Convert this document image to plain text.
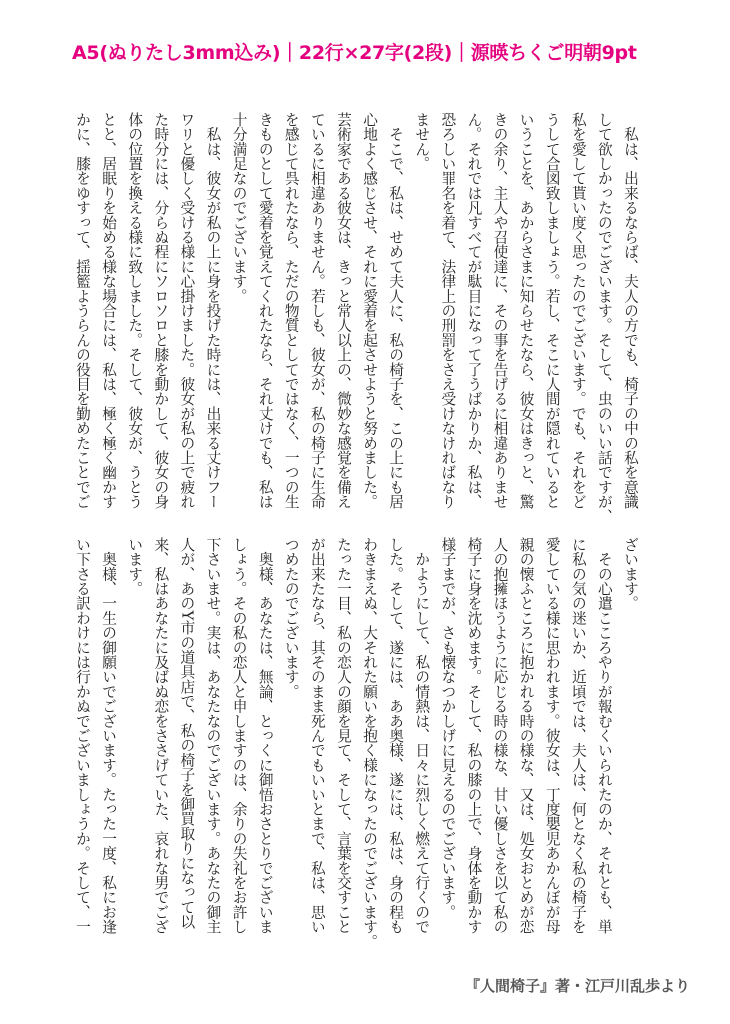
A5(ぬりたし3mm込み)｜22行×27字(2段)｜源暎ちくご明朝9pt
　私は、出来るならば、夫人の方でも、椅子の中の私を意識
して欲しかったのでございます。そして、虫のいい話ですが、
私を愛して貰い度く思ったのでございます。でも、それをど
うして合図致しましょう。若し、そこに人間が隠れていると
いうことを、あからさまに知らせたなら、彼女はきっと、驚
きの余り、主人や召使達に、その事を告げるに相違ありませ
ん。それでは凡すべてが駄目になって了うばかりか、私は、
恐ろしい罪名を着て、法律上の刑罰をさえ受けなければなり
ません。
　そこで、私は、せめて夫人に、私の椅子を、この上にも居
心地よく感じさせ、それに愛着を起させようと努めました。
芸術家である彼女は、きっと常人以上の、微妙な感覚を備え
ているに相違ありません。若しも、彼女が、私の椅子に生命
を感じて呉れたなら、ただの物質としてではなく、一つの生
きものとして愛着を覚えてくれたなら、それ丈けでも、私は
十分満足なのでございます。
　私は、彼女が私の上に身を投げた時には、出来る丈けフー
ワリと優しく受ける様に心掛けました。彼女が私の上で疲れ
た時分には、分らぬ程にソロソロと膝を動かして、彼女の身
体の位置を換える様に致しました。そして、彼女が、うとう
とと、居眠りを始める様な場合には、私は、極く極く幽かす
かに、膝をゆすって、揺籃ようらんの役目を勤めたことでご
ざいます。
　その心遣こころやりが報むくいられたのか、それとも、単
に私の気の迷いか、近頃では、夫人は、何となく私の椅子を
愛している様に思われます。彼女は、丁度嬰児あかんぼが母
親の懐ふところに抱かれる時の様な、又は、処女おとめが恋
人の抱擁ほうように応じる時の様な、甘い優しさを以て私の
椅子に身を沈めます。そして、私の膝の上で、身体を動かす
様子までが、さも懐なつかしげに見えるのでございます。
　かようにして、私の情熱は、日々に烈しく燃えて行くので
した。そして、遂には、ああ奥様、遂には、私は、身の程も
わきまえぬ、大それた願いを抱く様になったのでございます。
たった一目、私の恋人の顔を見て、そして、言葉を交すこと
が出来たなら、其そのまま死んでもいいとまで、私は、思い
つめたのでございます。
　奥様、あなたは、無論、とっくに御悟おさとりでございま
しょう。その私の恋人と申しますのは、余りの失礼をお許し
下さいませ。実は、あなたなのでございます。あなたの御主
人が、あのY市の道具店で、私の椅子を御買取りになって以
来、私はあなたに及ばぬ恋をささげていた、哀れな男でござ
います。
　奥様、一生の御願いでございます。たった一度、私にお逢
い下さる訳わけには行かぬでございましょうか。そして、一
『人間椅子』著・江戸川乱歩より
